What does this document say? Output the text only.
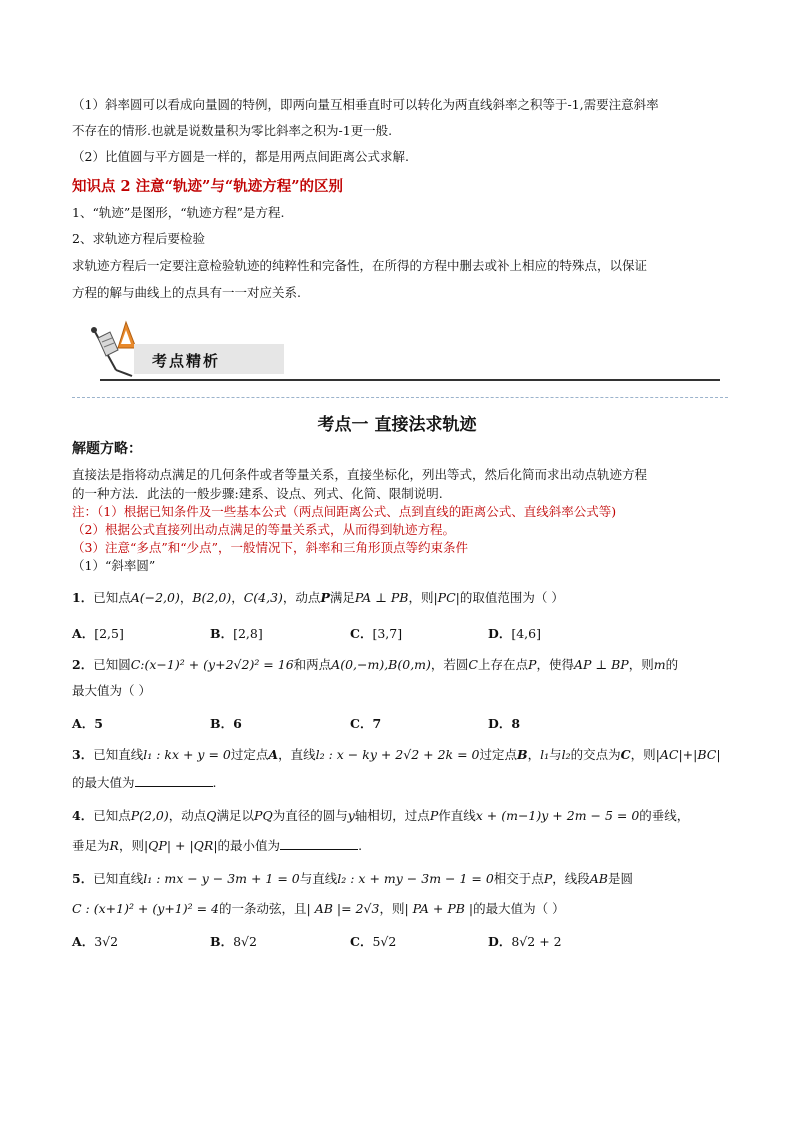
（1）斜率圆可以看成向量圆的特例，即两向量互相垂直时可以转化为两直线斜率之积等于-1,需要注意斜率
不存在的情形.也就是说数量积为零比斜率之积为-1更一般.
（2）比值圆与平方圆是一样的，都是用两点间距离公式求解.
知识点 2 注意“轨迹”与“轨迹方程”的区别
1、“轨迹”是图形，“轨迹方程”是方程.
2、求轨迹方程后要检验
求轨迹方程后一定要注意检验轨迹的纯粹性和完备性，在所得的方程中删去或补上相应的特殊点，以保证
方程的解与曲线上的点具有一一对应关系.
考点精析
考点一 直接法求轨迹
解题方略：
直接法是指将动点满足的几何条件或者等量关系，直接坐标化，列出等式，然后化简而求出动点轨迹方程
的一种方法．此法的一般步骤:建系、设点、列式、化简、限制说明.
注：（1）根据已知条件及一些基本公式（两点间距离公式、点到直线的距离公式、直线斜率公式等)
（2）根据公式直接列出动点满足的等量关系式，从而得到轨迹方程。
（3）注意“多点”和“少点”，一般情况下，斜率和三角形顶点等约束条件
（1）“斜率圆”
1．已知点A(−2,0)，B(2,0)，C(4,3)，动点P满足PA ⊥ PB，则|PC|的取值范围为（ ）
A．[2,5]	B．[2,8]	C．[3,7]	D．[4,6]
2．已知圆C:(x−1)² + (y+2√2)² = 16和两点A(0,−m),B(0,m)，若圆C上存在点P，使得AP ⊥ BP，则m的
最大值为（ ）
A．5	B．6	C．7	D．8
3．已知直线l₁ : kx + y = 0过定点A，直线l₂ : x − ky + 2√2 + 2k = 0过定点B，l₁与l₂的交点为C，则|AC|+|BC|
的最大值为	.
4．已知点P(2,0)，动点Q满足以PQ为直径的圆与y轴相切，过点P作直线x + (m−1)y + 2m − 5 = 0的垂线，
垂足为R，则|QP| + |QR|的最小值为	.
5．已知直线l₁ : mx − y − 3m + 1 = 0与直线l₂ : x + my − 3m − 1 = 0相交于点P，线段AB是圆
C : (x+1)² + (y+1)² = 4的一条动弦，且| AB |= 2√3，则| PA + PB |的最大值为（ ）
A．3√2	B．8√2	C．5√2	D．8√2 + 2
